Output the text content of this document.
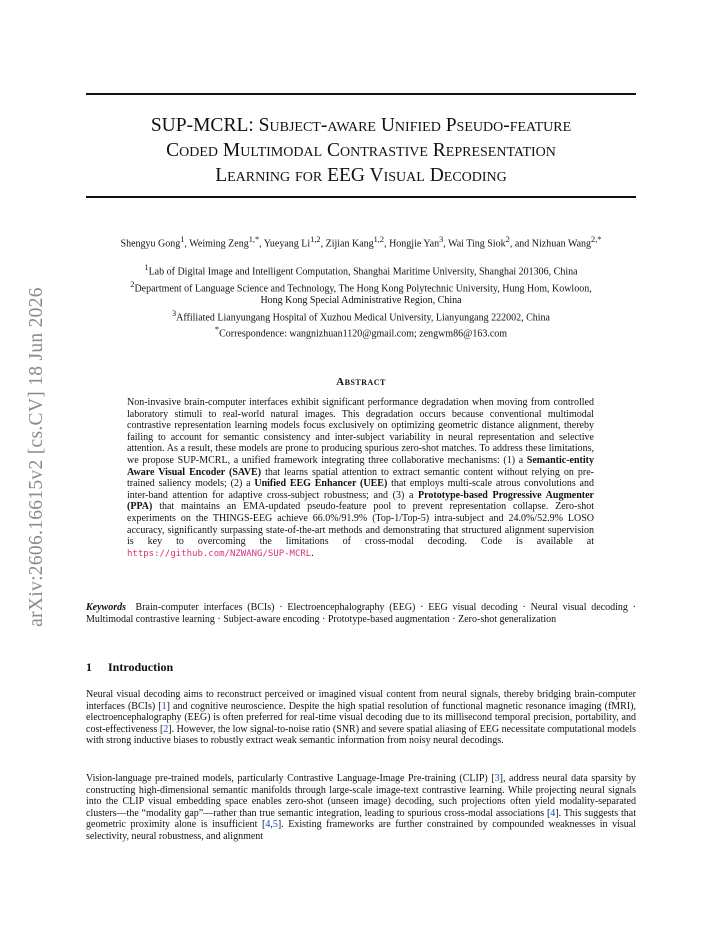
SUP-MCRL: Subject-aware Unified Pseudo-feature
Coded Multimodal Contrastive Representation
Learning for EEG Visual Decoding
arXiv:2606.16615v2 [cs.CV] 18 Jun 2026
Shengyu Gong$^1$, Weiming Zeng$^{1,*}$, Yueyang Li$^{1,2}$, Zijian Kang$^{1,2}$, Hongjie Yan$^3$, Wai Ting Siok$^2$, and Nizhuan Wang$^{2,*}$
$^1$Lab of Digital Image and Intelligent Computation, Shanghai Maritime University, Shanghai 201306, China
$^2$Department of Language Science and Technology, The Hong Kong Polytechnic University, Hung Hom, Kowloon,
Hong Kong Special Administrative Region, China
$^3$Affiliated Lianyungang Hospital of Xuzhou Medical University, Lianyungang 222002, China
*Correspondence: wangnizhuan1120@gmail.com; zengwm86@163.com
Abstract
Non-invasive brain-computer interfaces exhibit significant performance degradation when moving from controlled laboratory stimuli to real-world natural images. This degradation occurs because conventional multimodal contrastive representation learning models focus exclusively on optimizing geometric distance alignment, thereby failing to account for semantic consistency and inter-subject variability in neural representation and selective attention. As a result, these models are prone to producing spurious zero-shot matches. To address these limitations, we propose SUP-MCRL, a unified framework integrating three collaborative mechanisms: (1) a Semantic-entity Aware Visual Encoder (SAVE) that learns spatial attention to extract semantic content without relying on pre-trained saliency models; (2) a Unified EEG Enhancer (UEE) that employs multi-scale atrous convolutions and inter-band attention for adaptive cross-subject robustness; and (3) a Prototype-based Progressive Augmenter (PPA) that maintains an EMA-updated pseudo-feature pool to prevent representation collapse. Zero-shot experiments on the THINGS-EEG achieve 66.0%/91.9% (Top-1/Top-5) intra-subject and 24.0%/52.9% LOSO accuracy, significantly surpassing state-of-the-art methods and demonstrating that structured alignment supervision is key to overcoming the limitations of cross-modal decoding. Code is available at https://github.com/NZWANG/SUP-MCRL.
Keywords Brain-computer interfaces (BCIs) · Electroencephalography (EEG) · EEG visual decoding · Neural visual decoding · Multimodal contrastive learning · Subject-aware encoding · Prototype-based augmentation · Zero-shot generalization
1 Introduction
Neural visual decoding aims to reconstruct perceived or imagined visual content from neural signals, thereby bridging brain-computer interfaces (BCIs) [1] and cognitive neuroscience. Despite the high spatial resolution of functional magnetic resonance imaging (fMRI), electroencephalography (EEG) is often preferred for real-time visual decoding due to its millisecond temporal precision, portability, and cost-effectiveness [2]. However, the low signal-to-noise ratio (SNR) and severe spatial aliasing of EEG necessitate computational models with strong inductive biases to robustly extract weak semantic information from noisy neural decodings.
Vision-language pre-trained models, particularly Contrastive Language-Image Pre-training (CLIP) [3], address neural data sparsity by constructing high-dimensional semantic manifolds through large-scale image-text contrastive learning. While projecting neural signals into the CLIP visual embedding space enables zero-shot (unseen image) decoding, such projections often yield modality-separated clusters—the “modality gap”—rather than true semantic integration, leading to spurious cross-modal associations [4]. This suggests that geometric proximity alone is insufficient [4,5]. Existing frameworks are further constrained by compounded weaknesses in visual selectivity, neural robustness, and alignment
